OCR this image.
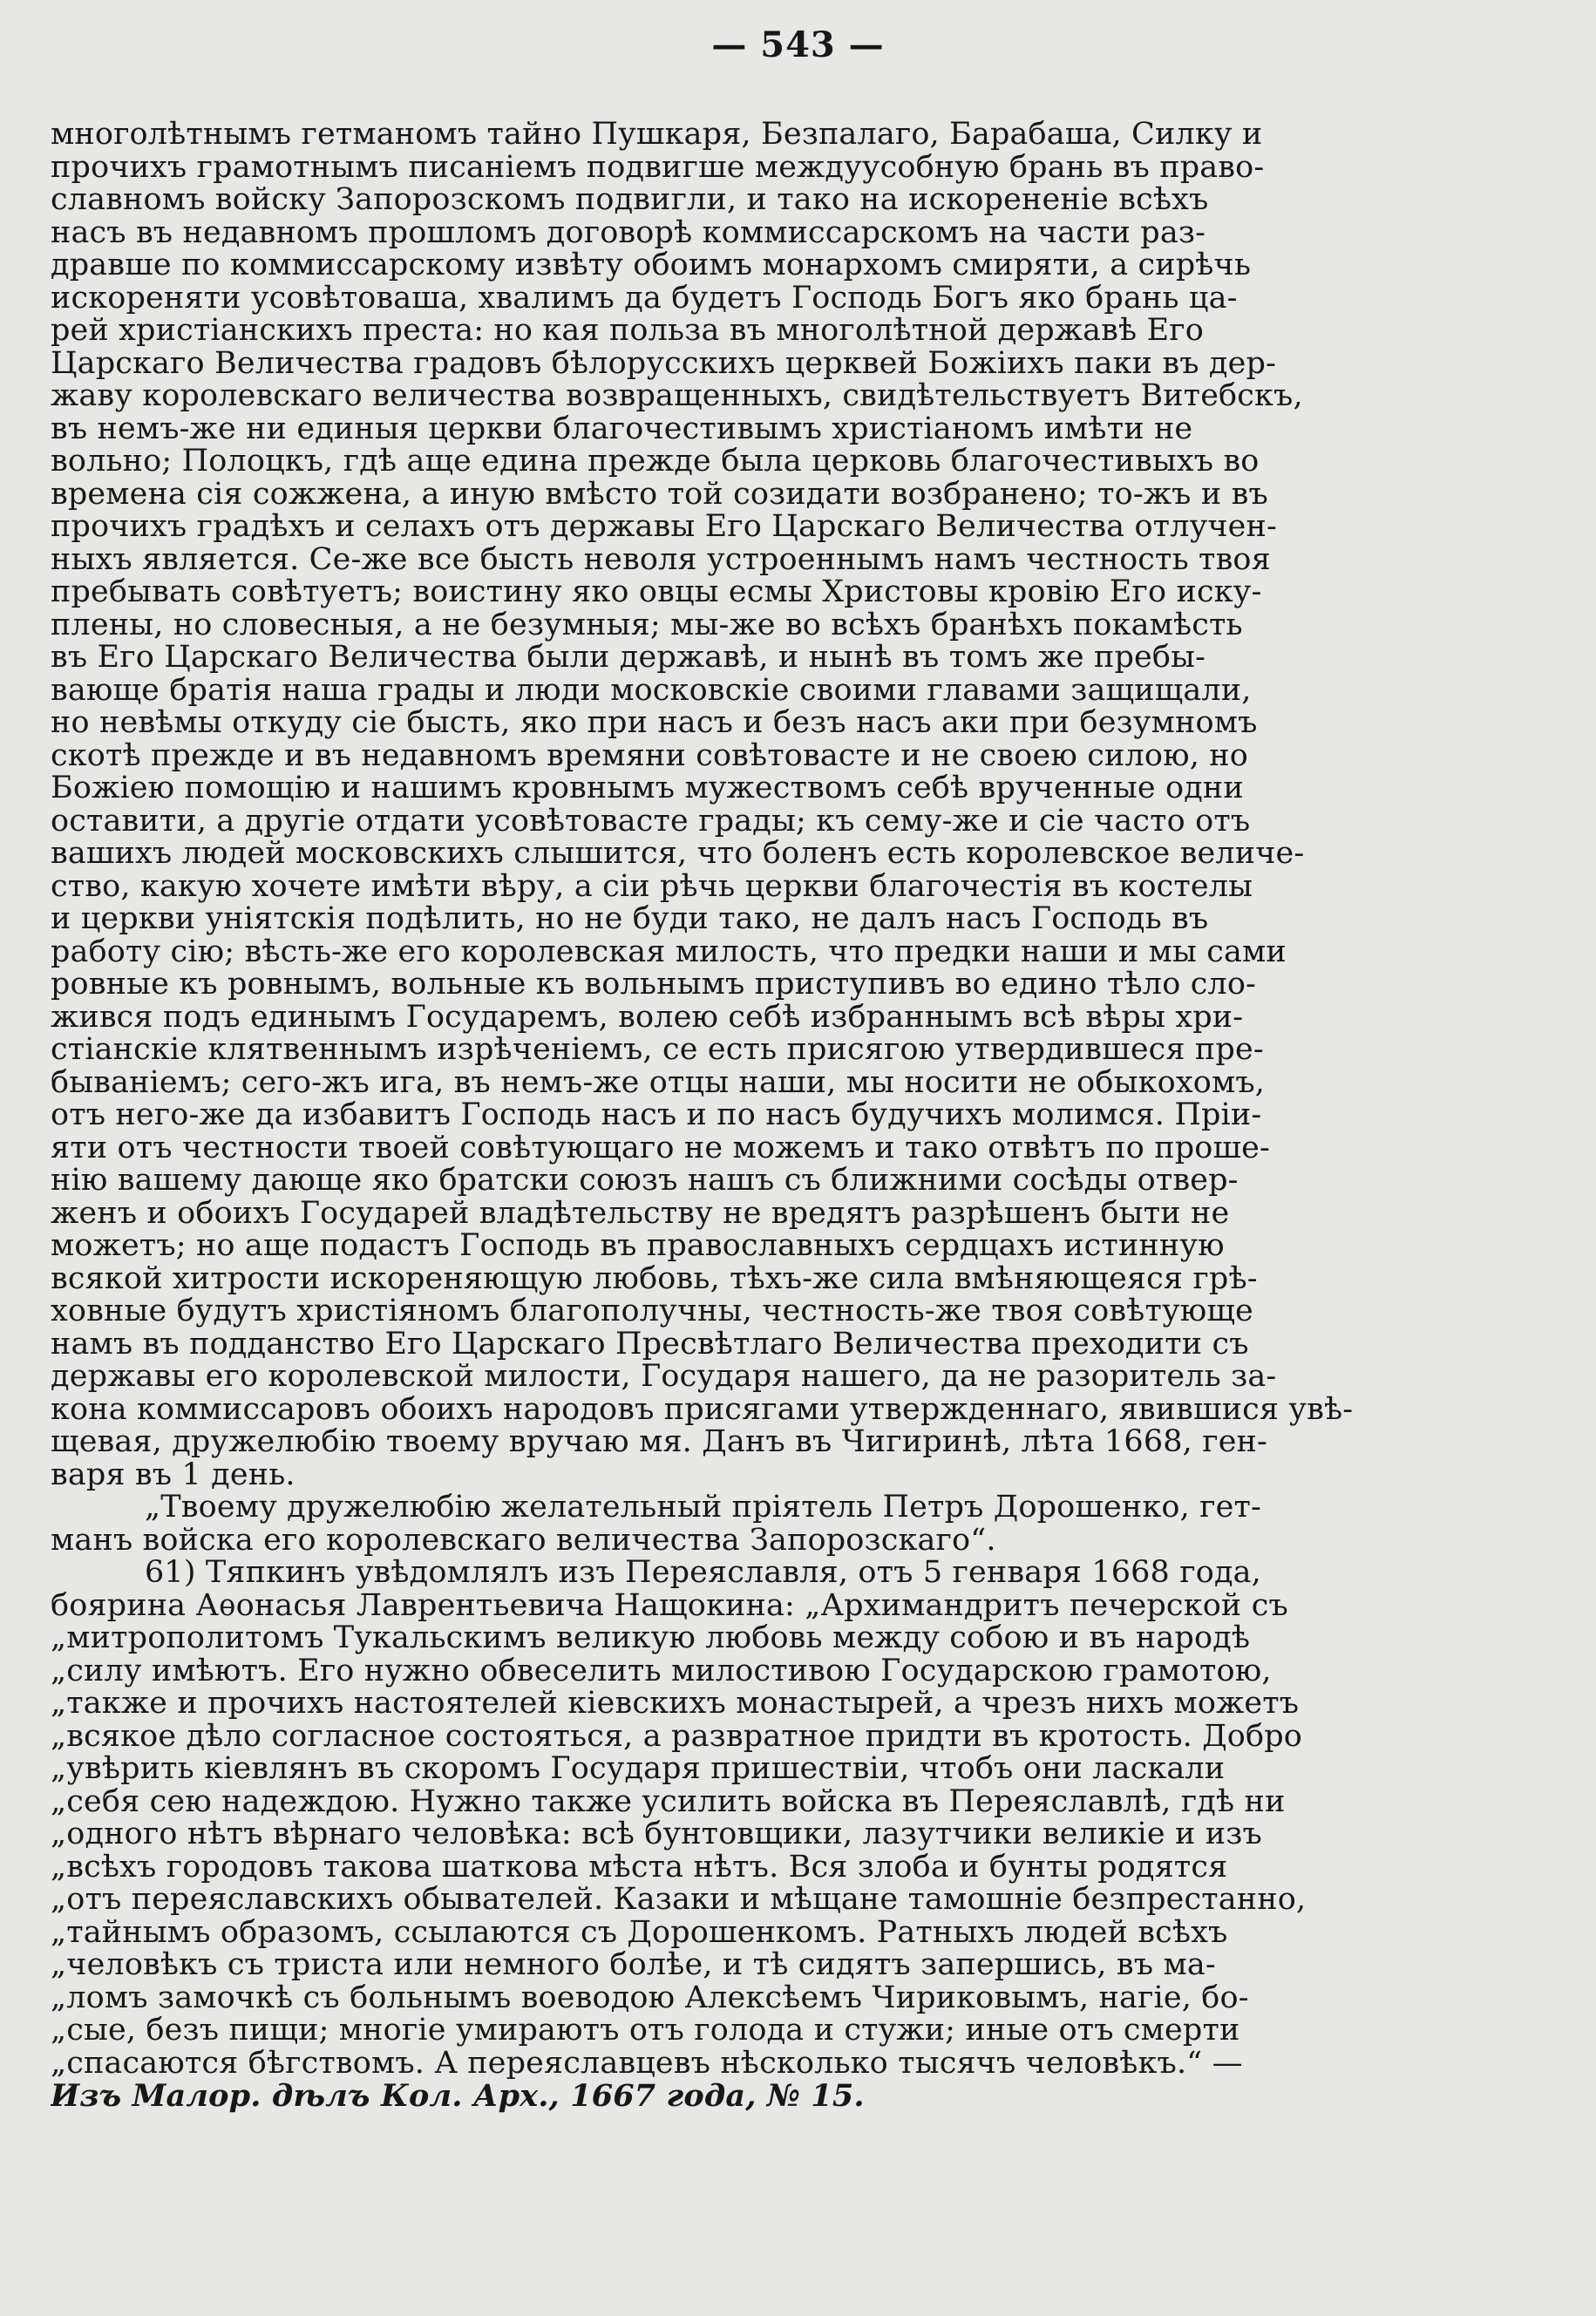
— 543 —
многолѣтнымъ гетманомъ тайно Пушкаря, Безпалаго, Барабаша, Силку и
прочихъ грамотнымъ писаніемъ подвигше междуусобную брань въ право-
славномъ войску Запорозскомъ подвигли, и тако на искорененіе всѣхъ
насъ въ недавномъ прошломъ договорѣ коммиссарскомъ на части раз-
дравше по коммиссарскому извѣту обоимъ монархомъ смиряти, а сирѣчь
искореняти усовѣтоваша, хвалимъ да будетъ Господь Богъ яко брань ца-
рей христіанскихъ преста: но кая польза въ многолѣтной державѣ Его
Царскаго Величества градовъ бѣлорусскихъ церквей Божіихъ паки въ дер-
жаву королевскаго величества возвращенныхъ, свидѣтельствуетъ Витебскъ,
въ немъ-же ни единыя церкви благочестивымъ христіаномъ имѣти не
вольно; Полоцкъ, гдѣ аще едина прежде была церковь благочестивыхъ во
времена сія сожжена, а иную вмѣсто той созидати возбранено; то-жъ и въ
прочихъ градѣхъ и селахъ отъ державы Его Царскаго Величества отлучен-
ныхъ является. Се-же все бысть неволя устроеннымъ намъ честность твоя
пребывать совѣтуетъ; воистину яко овцы есмы Христовы кровію Его иску-
плены, но словесныя, а не безумныя; мы-же во всѣхъ бранѣхъ покамѣсть
въ Его Царскаго Величества были державѣ, и нынѣ въ томъ же пребы-
вающе братія наша грады и люди московскіе своими главами защищали,
но невѣмы откуду сіе бысть, яко при насъ и безъ насъ аки при безумномъ
скотѣ прежде и въ недавномъ времяни совѣтовасте и не своею силою, но
Божіею помощію и нашимъ кровнымъ мужествомъ себѣ врученные одни
оставити, а другіе отдати усовѣтовасте грады; къ сему-же и сіе часто отъ
вашихъ людей московскихъ слышится, что боленъ есть королевское величе-
ство, какую хочете имѣти вѣру, а сіи рѣчь церкви благочестія въ костелы
и церкви уніятскія подѣлить, но не буди тако, не далъ насъ Господь въ
работу сію; вѣсть-же его королевская милость, что предки наши и мы сами
ровные къ ровнымъ, вольные къ вольнымъ приступивъ во едино тѣло сло-
жився подъ единымъ Государемъ, волею себѣ избраннымъ всѣ вѣры хри-
стіанскіе клятвеннымъ изрѣченіемъ, се есть присягою утвердившеся пре-
быванiемъ; сего-жъ ига, въ немъ-же отцы наши, мы носити не обыкохомъ,
отъ него-же да избавитъ Господь насъ и по насъ будучихъ молимся. Пріи-
яти отъ честности твоей совѣтующаго не можемъ и тако отвѣтъ по проше-
нію вашему дающе яко братски союзъ нашъ съ ближними сосѣды отвер-
женъ и обоихъ Государей владѣтельству не вредятъ разрѣшенъ быти не
можетъ; но аще подастъ Господь въ православныхъ сердцахъ истинную
всякой хитрости искореняющую любовь, тѣхъ-же сила вмѣняющеяся грѣ-
ховные будутъ христіяномъ благополучны, честность-же твоя совѣтующе
намъ въ подданство Его Царскаго Пресвѣтлаго Величества преходити съ
державы его королевской милости, Государя нашего, да не разоритель за-
кона коммиссаровъ обоихъ народовъ присягами утвержденнаго, явившися увѣ-
щевая, дружелюбію твоему вручаю мя. Данъ въ Чигиринѣ, лѣта 1668, ген-
варя въ 1 день.
„Твоему дружелюбію желательный пріятель Петръ Дорошенко, гет-
манъ войска его королевскаго величества Запорозскаго“.
61) Тяпкинъ увѣдомлялъ изъ Переяславля, отъ 5 генваря 1668 года,
боярина Аѳонасья Лаврентьевича Нащокина: „Архимандритъ печерской съ
„митрополитомъ Тукальскимъ великую любовь между собою и въ народѣ
„силу имѣютъ. Его нужно обвеселить милостивою Государскою грамотою,
„также и прочихъ настоятелей кіевскихъ монастырей, а чрезъ нихъ можетъ
„всякое дѣло согласное состояться, а развратное придти въ кротость. Добро
„увѣрить кіевлянъ въ скоромъ Государя пришествіи, чтобъ они ласкали
„себя сею надеждою. Нужно также усилить войска въ Переяславлѣ, гдѣ ни
„одного нѣтъ вѣрнаго человѣка: всѣ бунтовщики, лазутчики великіе и изъ
„всѣхъ городовъ такова шаткова мѣста нѣтъ. Вся злоба и бунты родятся
„отъ переяславскихъ обывателей. Казаки и мѣщане тамошніе безпрестанно,
„тайнымъ образомъ, ссылаются съ Дорошенкомъ. Ратныхъ людей всѣхъ
„человѣкъ съ триста или немного болѣе, и тѣ сидятъ запершись, въ ма-
„ломъ замочкѣ съ больнымъ воеводою Алексѣемъ Чириковымъ, нагіе, бо-
„сые, безъ пищи; многіе умираютъ отъ голода и стужи; иные отъ смерти
„спасаются бѣгствомъ. А переяславцевъ нѣсколько тысячъ человѣкъ.“ —
Изъ Малор. дѣлъ Кол. Арх., 1667 года, № 15.
